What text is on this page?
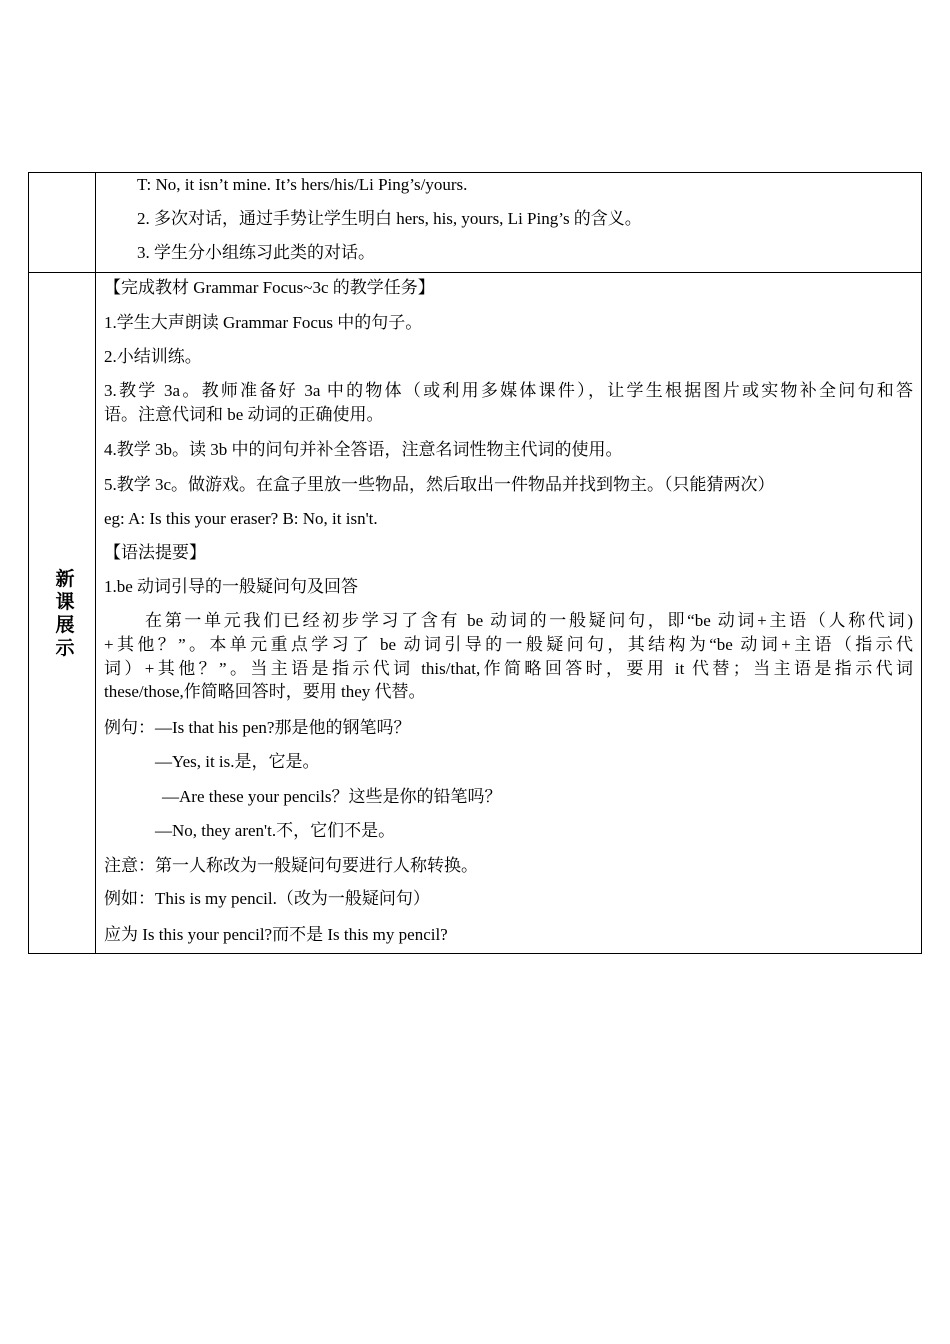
新课展示
T: No, it isn’t mine. It’s hers/his/Li Ping’s/yours.
2. 多次对话，通过手势让学生明白 hers, his, yours, Li Ping’s 的含义。
3. 学生分小组练习此类的对话。
【完成教材 Grammar Focus~3c 的教学任务】
1.学生大声朗读 Grammar Focus 中的句子。
2.小结训练。
3.教学 3a。教师准备好 3a 中的物体（或利用多媒体课件），让学生根据图片或实物补全问句和答
语。注意代词和 be 动词的正确使用。
4.教学 3b。读 3b 中的问句并补全答语，注意名词性物主代词的使用。
5.教学 3c。做游戏。在盒子里放一些物品，然后取出一件物品并找到物主。（只能猜两次）
eg: A: Is this your eraser? B: No, it isn't.
【语法提要】
1.be 动词引导的一般疑问句及回答
在第一单元我们已经初步学习了含有 be 动词的一般疑问句，即“be 动词+主语（人称代词)
+其他？”。本单元重点学习了 be 动词引导的一般疑问句，其结构为“be 动词+主语（指示代
词）+其他？”。当主语是指示代词 this/that,作简略回答时，要用 it 代替；当主语是指示代词
these/those,作简略回答时，要用 they 代替。
例句：—Is that his pen?那是他的钢笔吗？
—Yes, it is.是，它是。
—Are these your pencils？这些是你的铅笔吗？
—No, they aren't.不，它们不是。
注意：第一人称改为一般疑问句要进行人称转换。
例如：This is my pencil.（改为一般疑问句）
应为 Is this your pencil?而不是 Is this my pencil?
